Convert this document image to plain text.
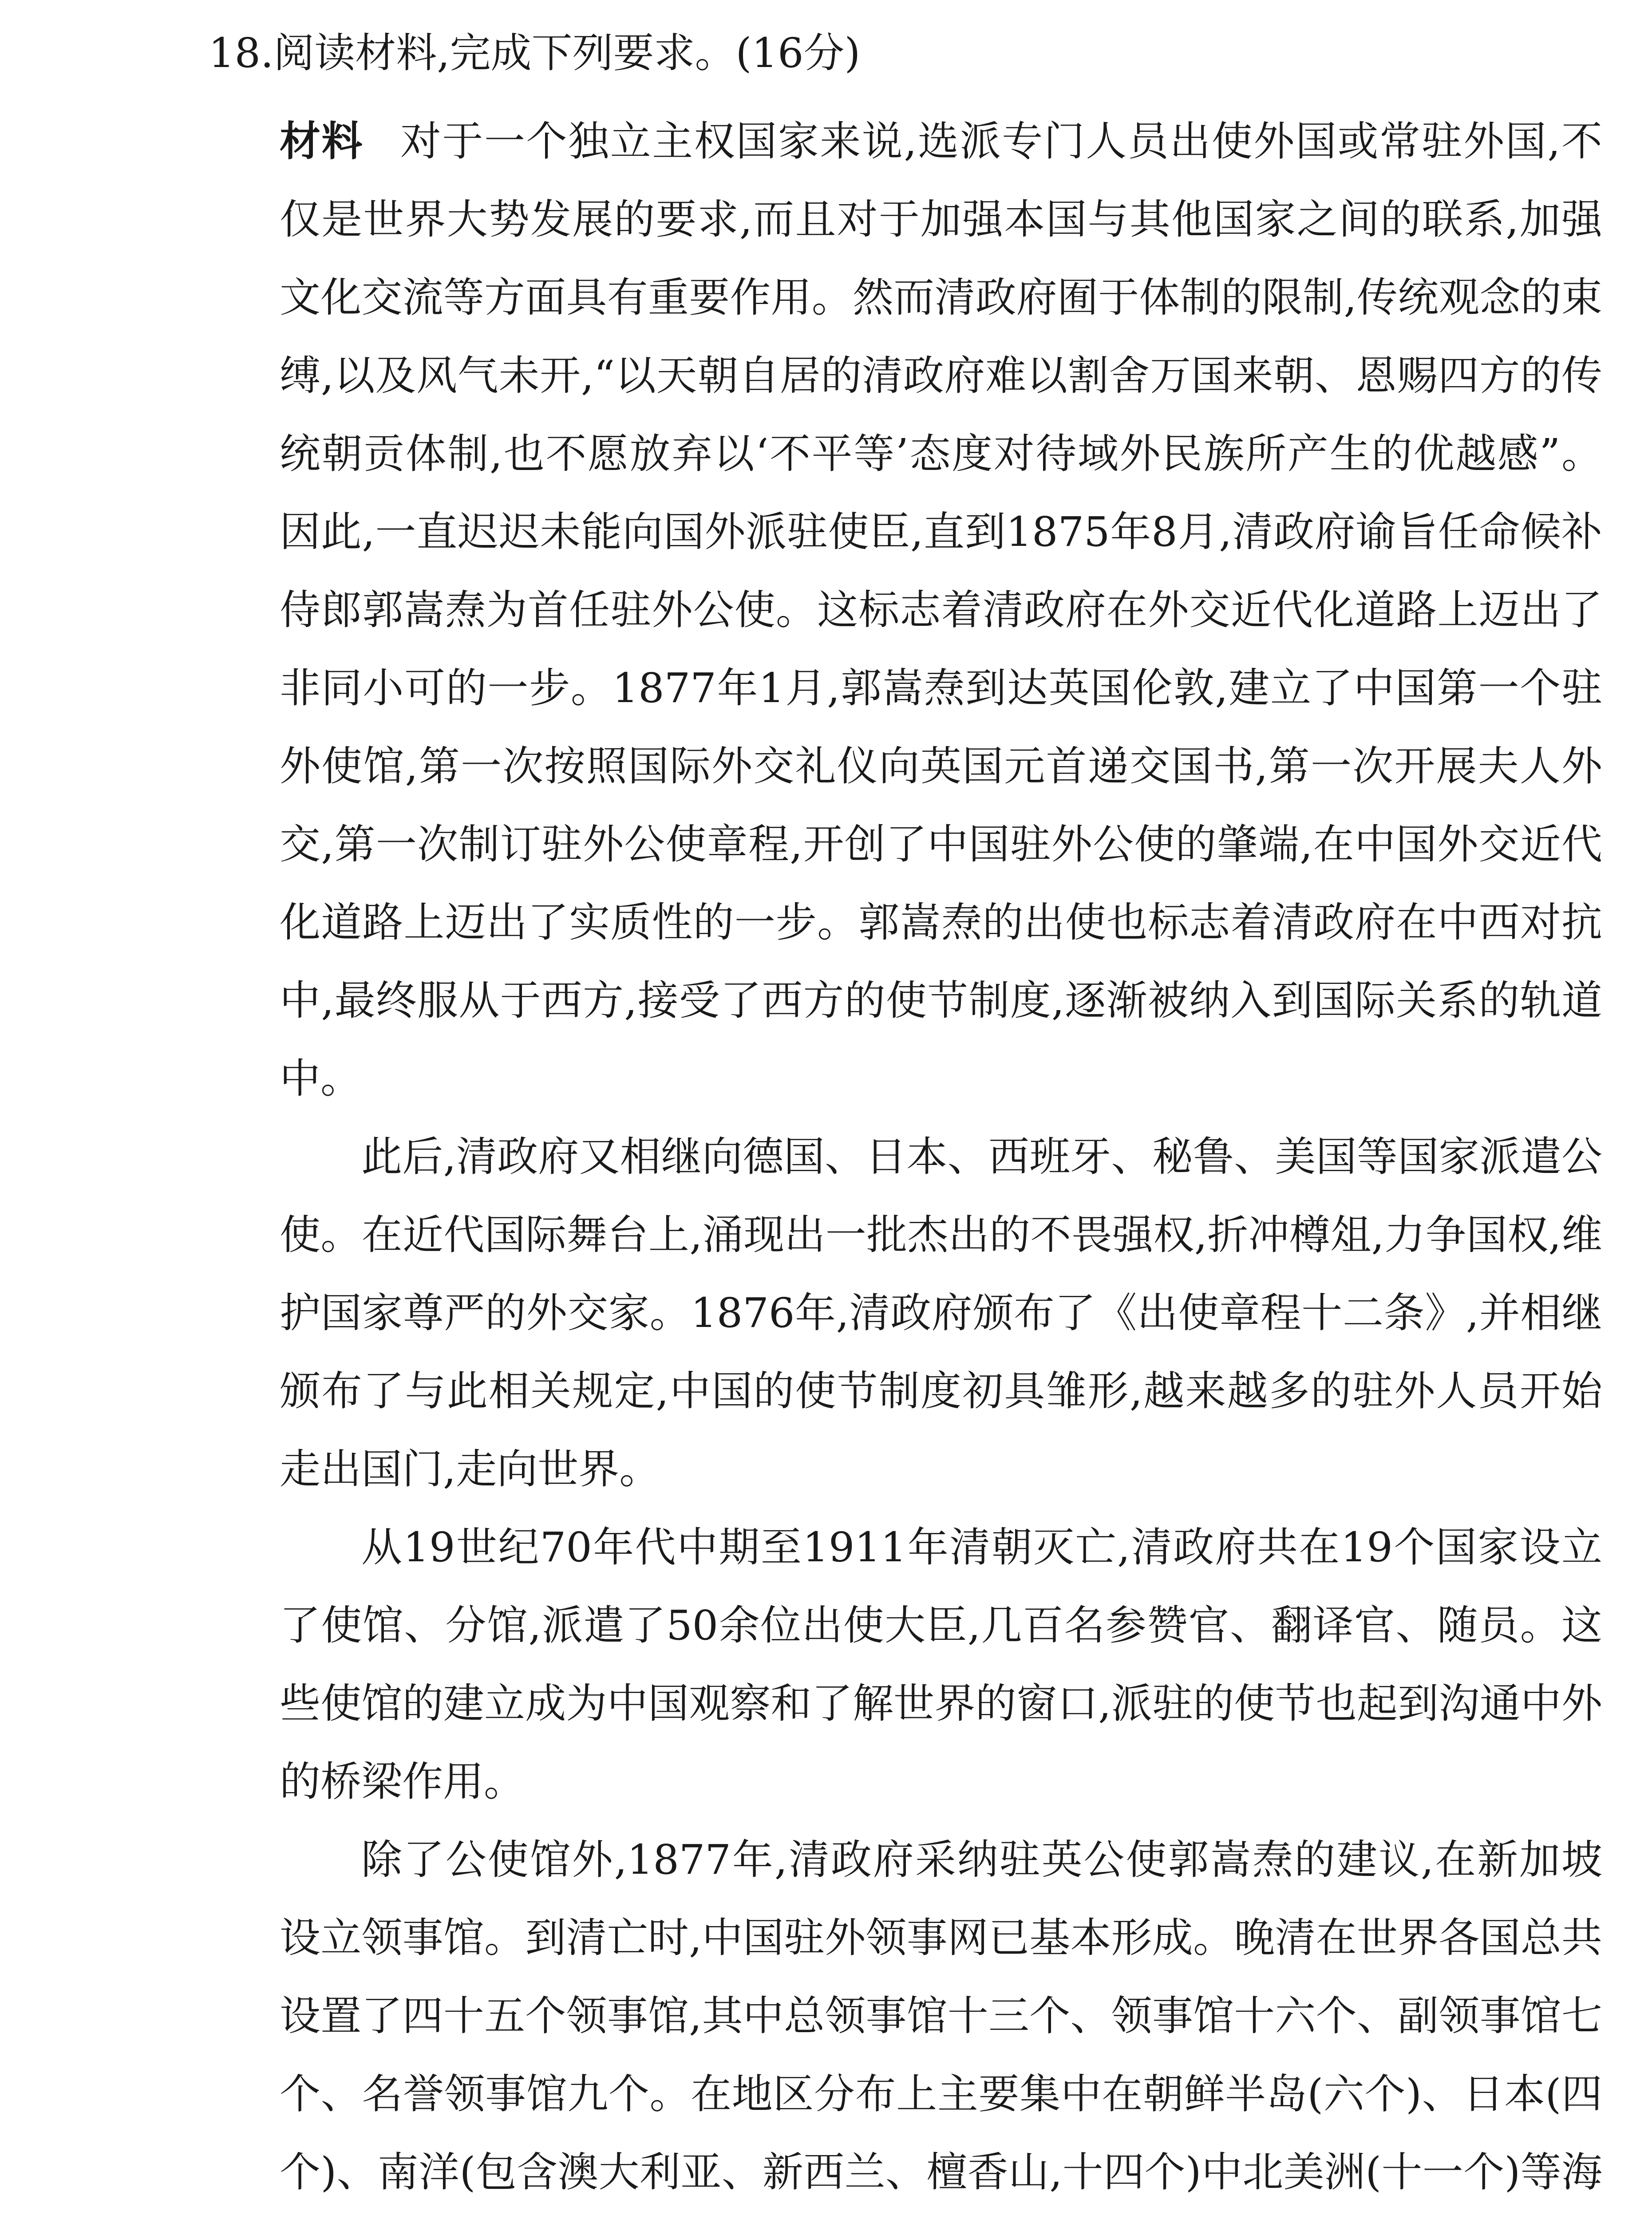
18.阅读材料,完成下列要求。(16分)

材料 对于一个独立主权国家来说,选派专门人员出使外国或常驻外国,不仅是世界大势发展的要求,而且对于加强本国与其他国家之间的联系,加强文化交流等方面具有重要作用。然而清政府囿于体制的限制,传统观念的束缚,以及风气未开,“以天朝自居的清政府难以割舍万国来朝、恩赐四方的传统朝贡体制,也不愿放弃以‘不平等’态度对待域外民族所产生的优越感”。因此,一直迟迟未能向国外派驻使臣,直到1875年8月,清政府谕旨任命候补侍郎郭嵩焘为首任驻外公使。这标志着清政府在外交近代化道路上迈出了非同小可的一步。1877年1月,郭嵩焘到达英国伦敦,建立了中国第一个驻外使馆,第一次按照国际外交礼仪向英国元首递交国书,第一次开展夫人外交,第一次制订驻外公使章程,开创了中国驻外公使的肇端,在中国外交近代化道路上迈出了实质性的一步。郭嵩焘的出使也标志着清政府在中西对抗中,最终服从于西方,接受了西方的使节制度,逐渐被纳入到国际关系的轨道中。

此后,清政府又相继向德国、日本、西班牙、秘鲁、美国等国家派遣公使。在近代国际舞台上,涌现出一批杰出的不畏强权,折冲樽俎,力争国权,维护国家尊严的外交家。1876年,清政府颁布了《出使章程十二条》,并相继颁布了与此相关规定,中国的使节制度初具雏形,越来越多的驻外人员开始走出国门,走向世界。

从19世纪70年代中期至1911年清朝灭亡,清政府共在19个国家设立了使馆、分馆,派遣了50余位出使大臣,几百名参赞官、翻译官、随员。这些使馆的建立成为中国观察和了解世界的窗口,派驻的使节也起到沟通中外的桥梁作用。

除了公使馆外,1877年,清政府采纳驻英公使郭嵩焘的建议,在新加坡设立领事馆。到清亡时,中国驻外领事网已基本形成。晚清在世界各国总共设置了四十五个领事馆,其中总领事馆十三个、领事馆十六个、副领事馆七个、名誉领事馆九个。在地区分布上主要集中在朝鲜半岛(六个)、日本(四个)、南洋(包含澳大利亚、新西兰、檀香山,十四个)中北美洲(十一个)等海
